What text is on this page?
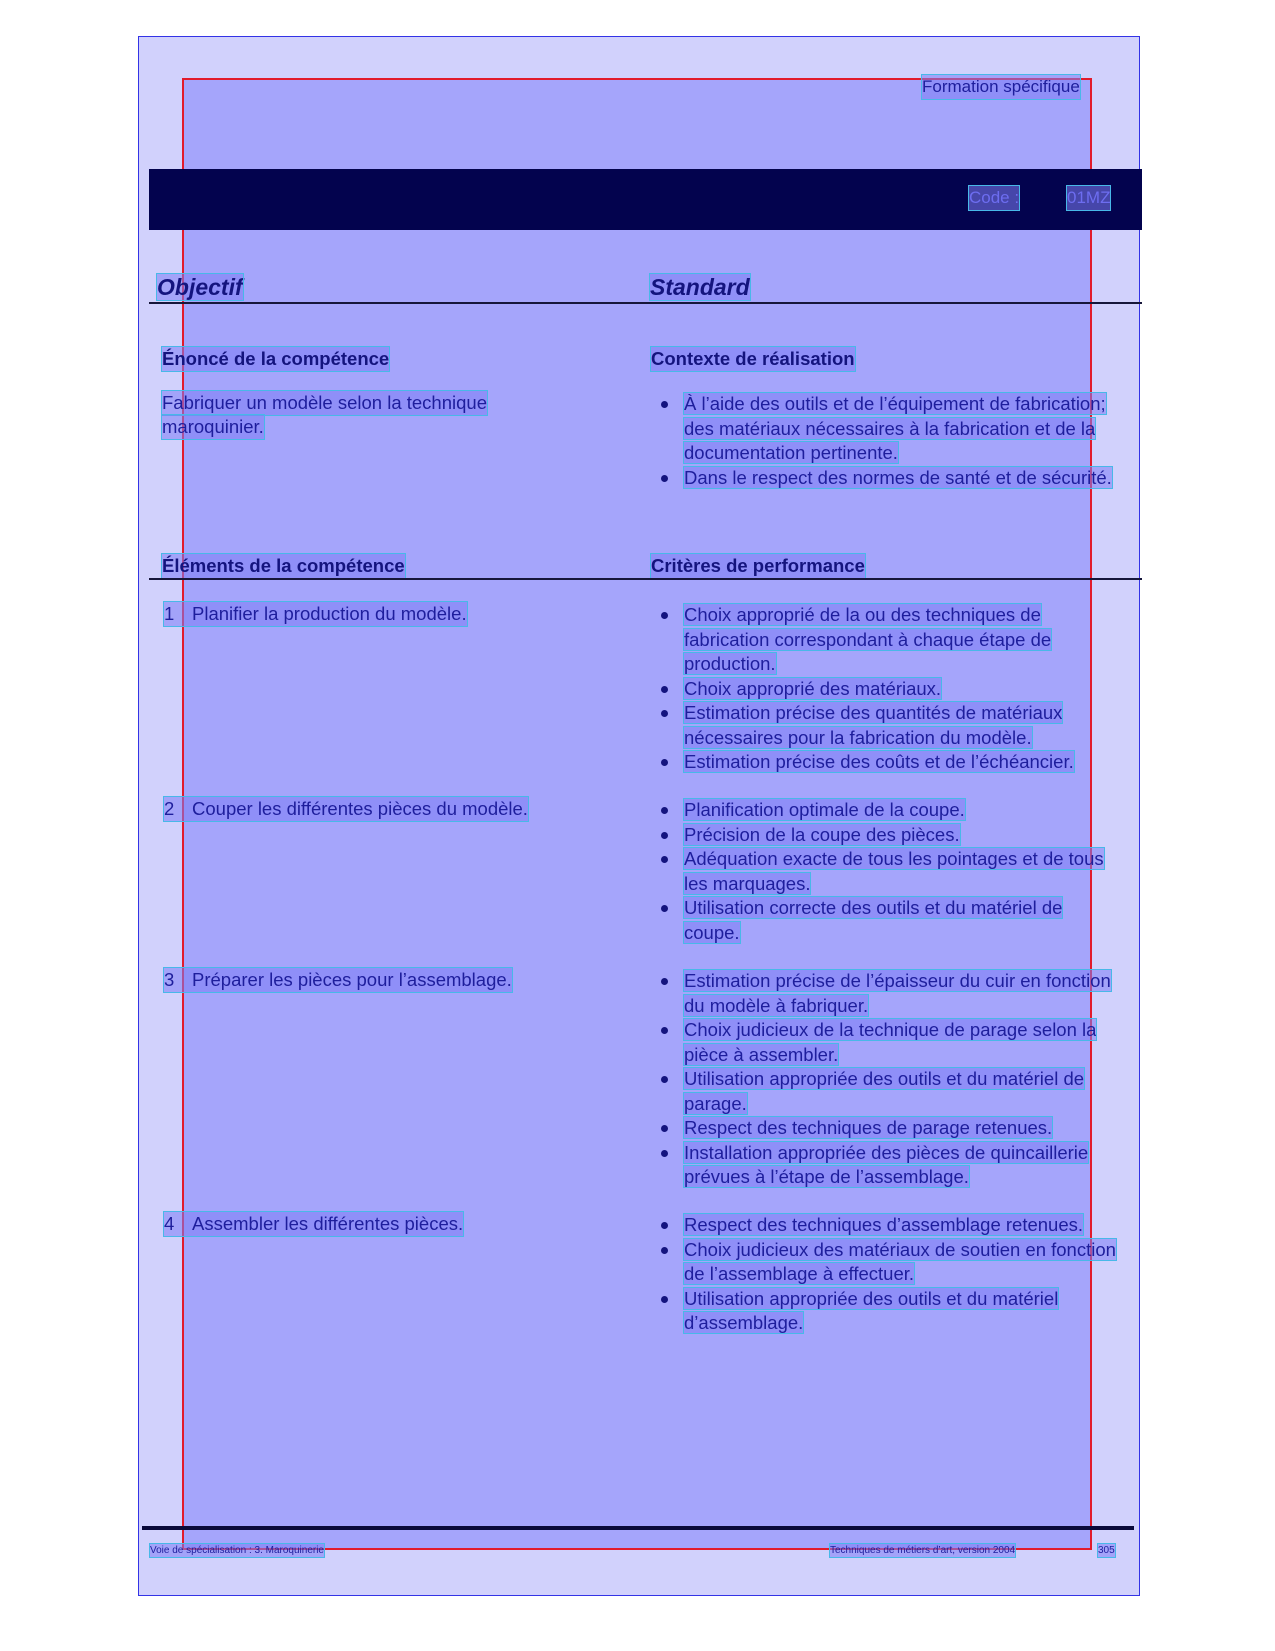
Formation spécifique
Code :	01MZ
Objectif	Standard
Énoncé de la compétence	Contexte de réalisation
Fabriquer un modèle selon la technique
maroquinier.
À l’aide des outils et de l’équipement de fabrication; des matériaux nécessaires à la fabrication et de la documentation pertinente.
Dans le respect des normes de santé et de sécurité.
Éléments de la compétence	Critères de performance
1 Planifier la production du modèle.	Choix approprié de la ou des techniques de fabrication correspondant à chaque étape de production.
Choix approprié des matériaux.
Estimation précise des quantités de matériaux nécessaires pour la fabrication du modèle.
Estimation précise des coûts et de l’échéancier.
2 Couper les différentes pièces du modèle.	Planification optimale de la coupe.
Précision de la coupe des pièces.
Adéquation exacte de tous les pointages et de tous les marquages.
Utilisation correcte des outils et du matériel de coupe.
3 Préparer les pièces pour l’assemblage.	Estimation précise de l’épaisseur du cuir en fonction du modèle à fabriquer.
Choix judicieux de la technique de parage selon la pièce à assembler.
Utilisation appropriée des outils et du matériel de parage.
Respect des techniques de parage retenues.
Installation appropriée des pièces de quincaillerie prévues à l’étape de l’assemblage.
4 Assembler les différentes pièces.	Respect des techniques d’assemblage retenues.
Choix judicieux des matériaux de soutien en fonction de l’assemblage à effectuer.
Utilisation appropriée des outils et du matériel d’assemblage.
Voie de spécialisation : 3. Maroquinerie	Techniques de métiers d’art, version 2004	305
